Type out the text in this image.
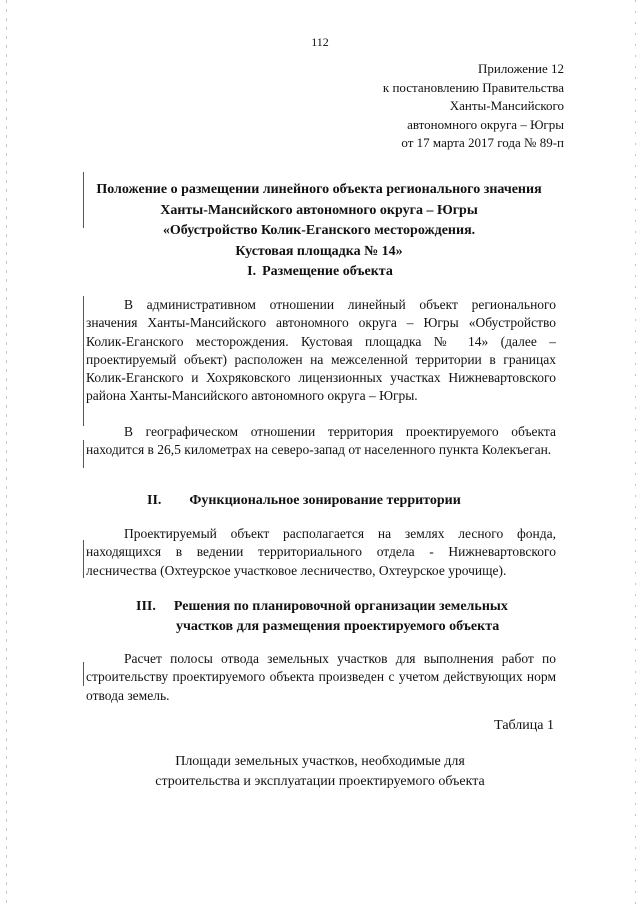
112
Приложение 12
к постановлению Правительства
Ханты-Мансийского
автономного округа – Югры
от 17 марта 2017 года № 89-п
Положение о размещении линейного объекта регионального значения
Ханты-Мансийского автономного округа – Югры
«Обустройство Колик-Еганского месторождения.
Кустовая площадка № 14»
I. Размещение объекта
В административном отношении линейный объект регионального значения Ханты-Мансийского автономного округа – Югры «Обустройство Колик-Еганского месторождения. Кустовая площадка № 14» (далее – проектируемый объект) расположен на межселенной территории в границах Колик-Еганского и Хохряковского лицензионных участках Нижневартовского района Ханты-Мансийского автономного округа – Югры.
В географическом отношении территория проектируемого объекта находится в 26,5 километрах на северо-запад от населенного пункта Колекъеган.
II. Функциональное зонирование территории
Проектируемый объект располагается на землях лесного фонда, находящихся в ведении территориального отдела - Нижневартовского лесничества (Охтеурское участковое лесничество, Охтеурское урочище).
III. Решения по планировочной организации земельных
участков для размещения проектируемого объекта
Расчет полосы отвода земельных участков для выполнения работ по строительству проектируемого объекта произведен с учетом действующих норм отвода земель.
Таблица 1
Площади земельных участков, необходимые для
строительства и эксплуатации проектируемого объекта
